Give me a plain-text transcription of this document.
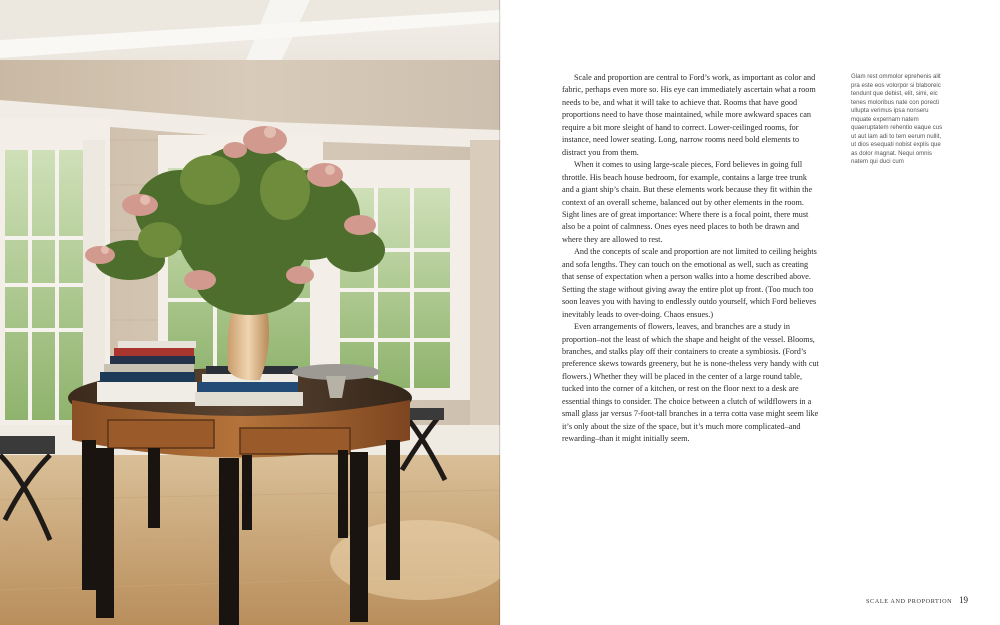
Scale and proportion are central to Ford’s work, as important as color and fabric, perhaps even more so. His eye can immediately ascertain what a room needs to be, and what it will take to achieve that. Rooms that have good proportions need to have those maintained, while more awkward spaces can require a bit more sleight of hand to correct. Lower-ceilinged rooms, for instance, need lower seating. Long, narrow rooms need bold elements to distract you from them.

When it comes to using large-scale pieces, Ford believes in going full throttle. His beach house bedroom, for example, contains a large tree trunk and a giant ship’s chain. But these elements work because they fit within the context of an overall scheme, balanced out by other elements in the room. Sight lines are of great importance: Where there is a focal point, there must also be a point of calmness. Ones eyes need places to both be drawn and where they are allowed to rest.

And the concepts of scale and proportion are not limited to ceiling heights and sofa lengths. They can touch on the emotional as well, such as creating that sense of expectation when a person walks into a home described above. Setting the stage without giving away the entire plot up front. (Too much too soon leaves you with having to endlessly outdo yourself, which Ford believes inevitably leads to over-doing. Chaos ensues.)

Even arrangements of flowers, leaves, and branches are a study in proportion–not the least of which the shape and height of the vessel. Blooms, branches, and stalks play off their containers to create a symbiosis. (Ford’s preference skews towards greenery, but he is none-theless very handy with cut flowers.) Whether they will be placed in the center of a large round table, tucked into the corner of a kitchen, or rest on the floor next to a desk are essential things to consider. The choice between a clutch of wildflowers in a small glass jar versus 7-foot-tall branches in a terra cotta vase might seem like it’s only about the size of the space, but it’s much more complicated–and rewarding–than it might initially seem.

Glam rest ommolor eprehenis alit pra este eos volorpor si blaboreic tendunt que debist, elit, simi, eic tenes moloribus nate con porecti ullupta verimus ipsa nonseru mquate expernam natem quaeruptatem rehentio eaque cus ut aut lam adi to tem eerum nullit, ut dios esequati nobist explis que as dolor magnat. Nequi omnis natem qui duci cum

SCALE AND PROPORTION 19
